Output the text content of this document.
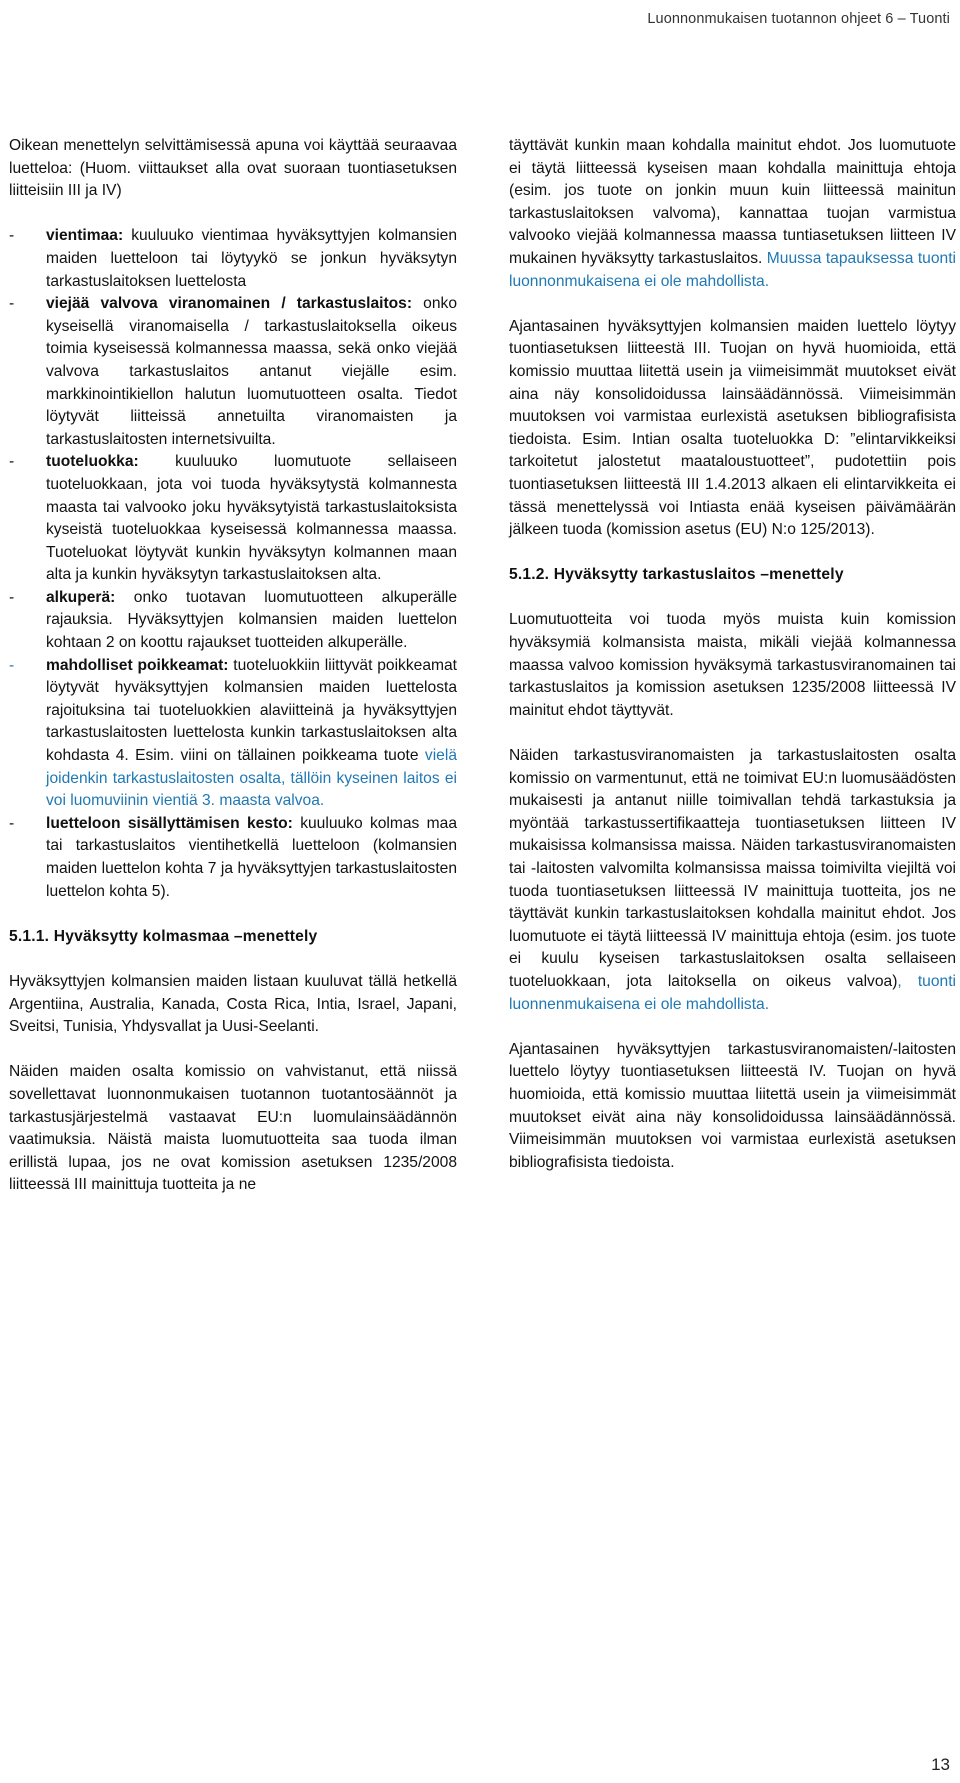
Luonnonmukaisen tuotannon ohjeet 6 – Tuonti

Oikean menettelyn selvittämisessä apuna voi käyttää seuraavaa luetteloa: (Huom. viittaukset alla ovat suoraan tuontiasetuksen liitteisiin III ja IV)

- vientimaa: kuuluuko vientimaa hyväksyttyjen kolmansien maiden luetteloon tai löytyykö se jonkun hyväksytyn tarkastuslaitoksen luettelosta
- viejää valvova viranomainen / tarkastuslaitos: onko kyseisellä viranomaisella / tarkastuslaitoksella oikeus toimia kyseisessä kolmannessa maassa, sekä onko viejää valvova tarkastuslaitos antanut viejälle esim. markkinointikiellon halutun luomutuotteen osalta. Tiedot löytyvät liitteissä annetuilta viranomaisten ja tarkastuslaitosten internetsivuilta.
- tuoteluokka: kuuluuko luomutuote sellaiseen tuoteluokkaan, jota voi tuoda hyväksytystä kolmannesta maasta tai valvooko joku hyväksytyistä tarkastuslaitoksista kyseistä tuoteluokkaa kyseisessä kolmannessa maassa. Tuoteluokat löytyvät kunkin hyväksytyn kolmannen maan alta ja kunkin hyväksytyn tarkastuslaitoksen alta.
- alkuperä: onko tuotavan luomutuotteen alkuperälle rajauksia. Hyväksyttyjen kolmansien maiden luettelon kohtaan 2 on koottu rajaukset tuotteiden alkuperälle.
- mahdolliset poikkeamat: tuoteluokkiin liittyvät poikkeamat löytyvät hyväksyttyjen kolmansien maiden luettelosta rajoituksina tai tuoteluokkien alaviitteinä ja hyväksyttyjen tarkastuslaitosten luettelosta kunkin tarkastuslaitoksen alta kohdasta 4. Esim. viini on tällainen poikkeama tuote vielä joidenkin tarkastuslaitosten osalta, tällöin kyseinen laitos ei voi luomuviinin vientiä 3. maasta valvoa.
- luetteloon sisällyttämisen kesto: kuuluuko kolmas maa tai tarkastuslaitos vientihetkellä luetteloon (kolmansien maiden luettelon kohta 7 ja hyväksyttyjen tarkastuslaitosten luettelon kohta 5).
5.1.1. Hyväksytty kolmasmaa –menettely

Hyväksyttyjen kolmansien maiden listaan kuuluvat tällä hetkellä Argentiina, Australia, Kanada, Costa Rica, Intia, Israel, Japani, Sveitsi, Tunisia, Yhdysvallat ja Uusi-Seelanti.

Näiden maiden osalta komissio on vahvistanut, että niissä sovellettavat luonnonmukaisen tuotannon tuotantosäännöt ja tarkastusjärjestelmä vastaavat EU:n luomulainsäädännön vaatimuksia. Näistä maista luomutuotteita saa tuoda ilman erillistä lupaa, jos ne ovat komission asetuksen 1235/2008 liitteessä III mainittuja tuotteita ja ne

täyttävät kunkin maan kohdalla mainitut ehdot. Jos luomutuote ei täytä liitteessä kyseisen maan kohdalla mainittuja ehtoja (esim. jos tuote on jonkin muun kuin liitteessä mainitun tarkastuslaitoksen valvoma), kannattaa tuojan varmistua valvooko viejää kolmannessa maassa tuntiasetuksen liitteen IV mukainen hyväksytty tarkastuslaitos. Muussa tapauksessa tuonti luonnonmukaisena ei ole mahdollista.

Ajantasainen hyväksyttyjen kolmansien maiden luettelo löytyy tuontiasetuksen liitteestä III. Tuojan on hyvä huomioida, että komissio muuttaa liitettä usein ja viimeisimmät muutokset eivät aina näy konsolidoidussa lainsäädännössä. Viimeisimmän muutoksen voi varmistaa eurlexistä asetuksen bibliografisista tiedoista. Esim. Intian osalta tuoteluokka D: ”elintarvikkeiksi tarkoitetut jalostetut maataloustuotteet”, pudotettiin pois tuontiasetuksen liitteestä III 1.4.2013 alkaen eli elintarvikkeita ei tässä menettelyssä voi Intiasta enää kyseisen päivämäärän jälkeen tuoda (komission asetus (EU) N:o 125/2013).

5.1.2. Hyväksytty tarkastuslaitos –menettely

Luomutuotteita voi tuoda myös muista kuin komission hyväksymiä kolmansista maista, mikäli viejää kolmannessa maassa valvoo komission hyväksymä tarkastusviranomainen tai tarkastuslaitos ja komission asetuksen 1235/2008 liitteessä IV mainitut ehdot täyttyvät.

Näiden tarkastusviranomaisten ja tarkastuslaitosten osalta komissio on varmentunut, että ne toimivat EU:n luomusäädösten mukaisesti ja antanut niille toimivallan tehdä tarkastuksia ja myöntää tarkastussertifikaatteja tuontiasetuksen liitteen IV mukaisissa kolmansissa maissa. Näiden tarkastusviranomaisten tai -laitosten valvomilta kolmansissa maissa toimivilta viejiltä voi tuoda tuontiasetuksen liitteessä IV mainittuja tuotteita, jos ne täyttävät kunkin tarkastuslaitoksen kohdalla mainitut ehdot. Jos luomutuote ei täytä liitteessä IV mainittuja ehtoja (esim. jos tuote ei kuulu kyseisen tarkastuslaitoksen osalta sellaiseen tuoteluokkaan, jota laitoksella on oikeus valvoa), tuonti luonnenmukaisena ei ole mahdollista.

Ajantasainen hyväksyttyjen tarkastusviranomaisten/-laitosten luettelo löytyy tuontiasetuksen liitteestä IV. Tuojan on hyvä huomioida, että komissio muuttaa liitettä usein ja viimeisimmät muutokset eivät aina näy konsolidoidussa lainsäädännössä. Viimeisimmän muutoksen voi varmistaa eurlexistä asetuksen bibliografisista tiedoista.

13
